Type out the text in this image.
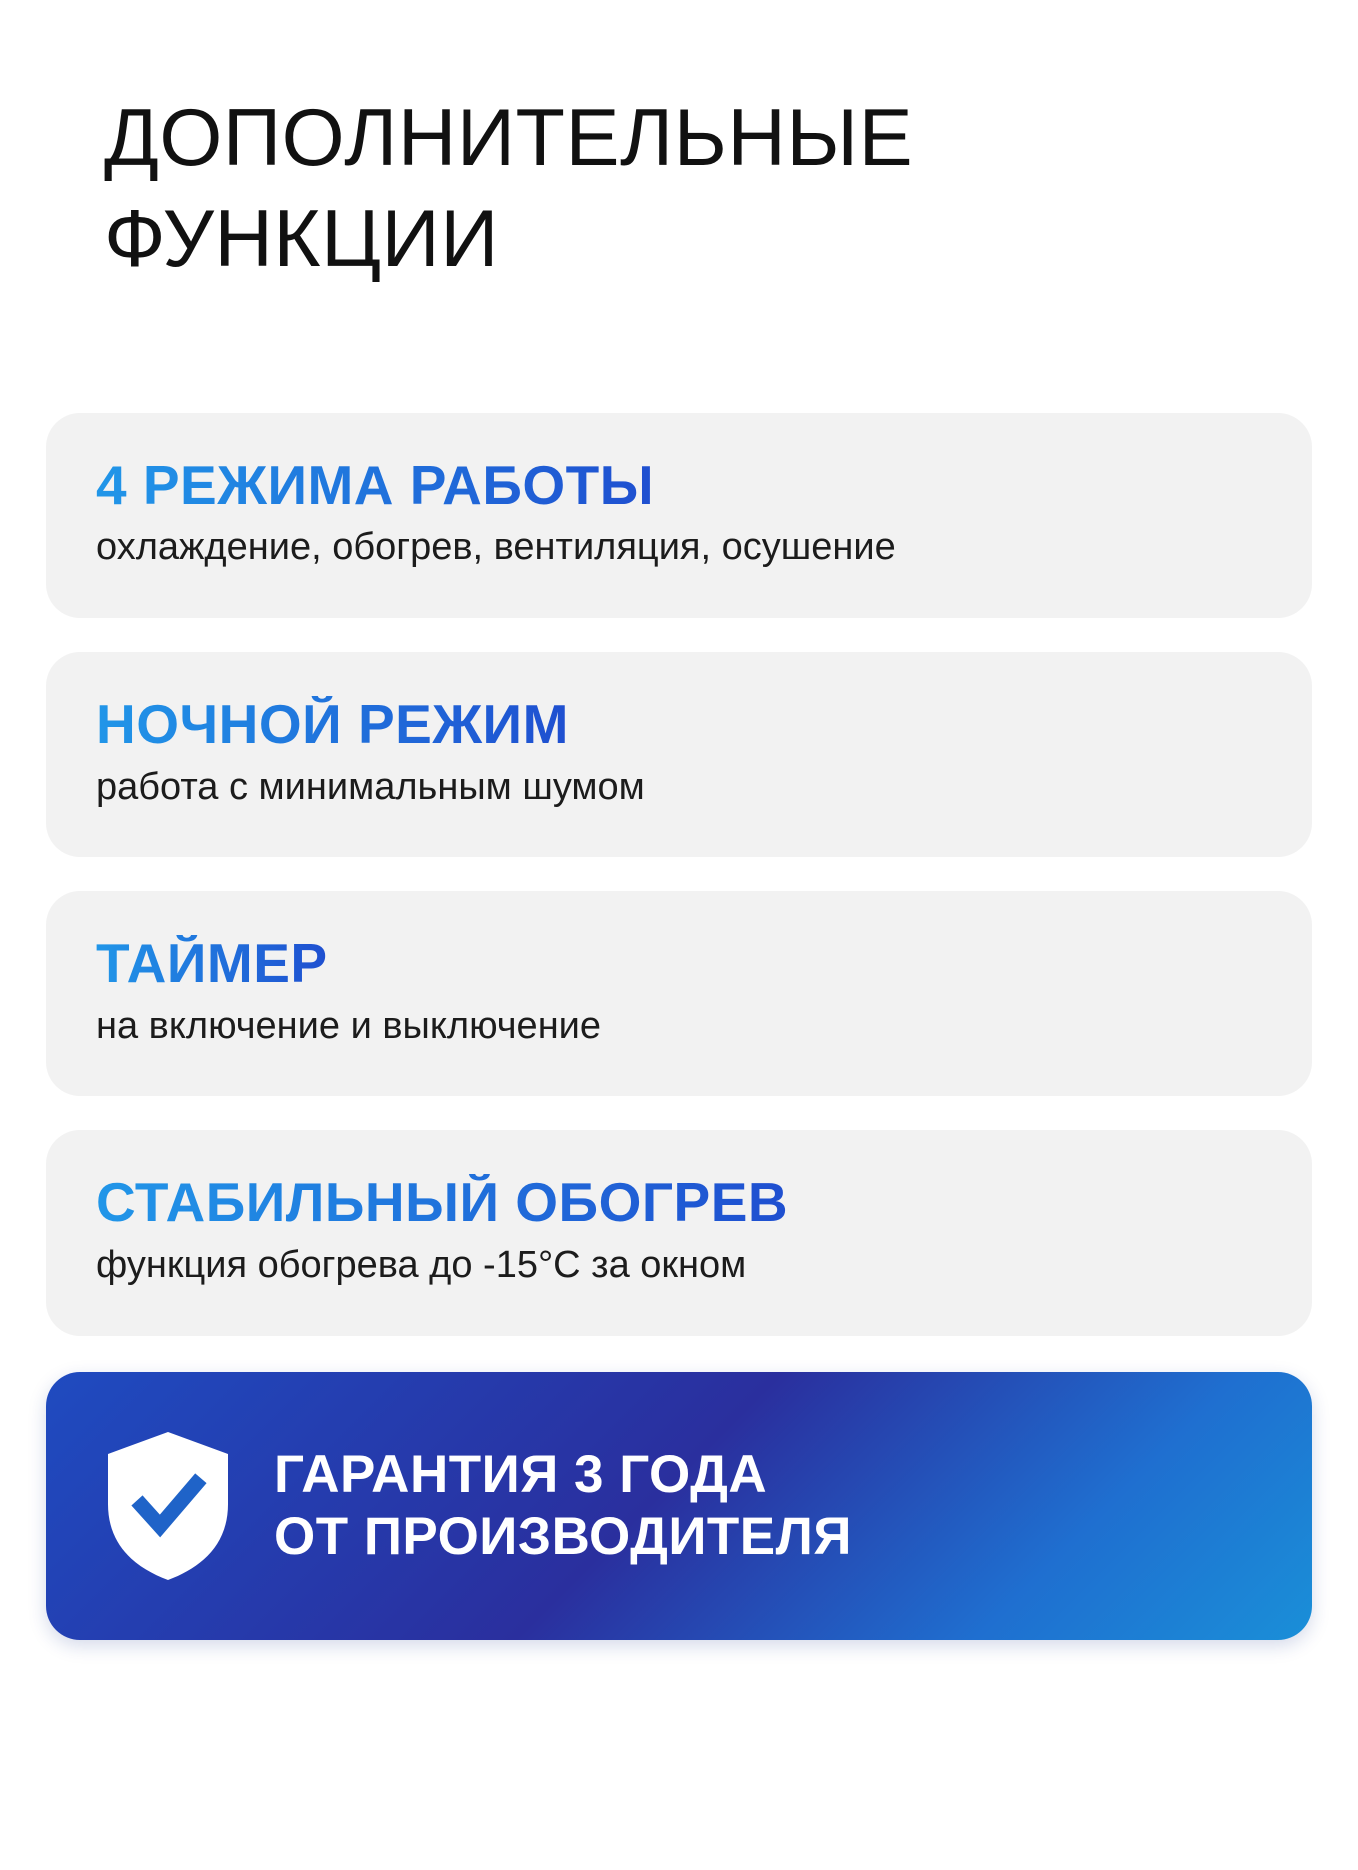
ДОПОЛНИТЕЛЬНЫЕ ФУНКЦИИ
4 РЕЖИМА РАБОТЫ

охлаждение, обогрев, вентиляция, осушение

НОЧНОЙ РЕЖИМ

работа с минимальным шумом

ТАЙМЕР

на включение и выключение

СТАБИЛЬНЫЙ ОБОГРЕВ

функция обогрева до -15°С за окном

ГАРАНТИЯ 3 ГОДА
ОТ ПРОИЗВОДИТЕЛЯ
